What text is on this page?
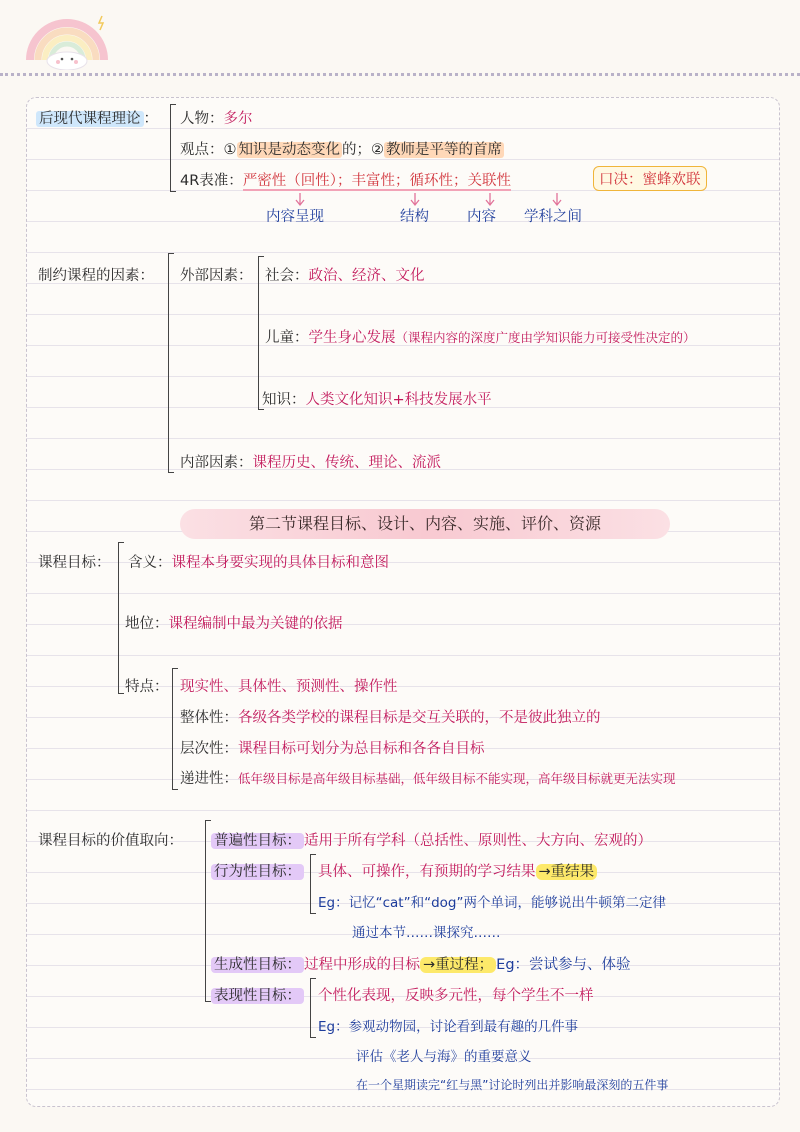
后现代课程理论 ： 人物：多尔
观点：① 知识是动态变化 的；② 教师是平等的首席
4R表准：严密性（回性）；丰富性；循环性；关联性	口决：蜜蜂欢联
内容呈现	结构	内容 学科之间
制约课程的因素： 外部因素： 社会：政治、经济、文化
儿童：学生身心发展（课程内容的深度广度由学知识能力可接受性决定的）
知识：人类文化知识+科技发展水平
内部因素：课程历史、传统、理论、流派
第二节课程目标、设计、内容、实施、评价、资源
课程目标： 含义：课程本身要实现的具体目标和意图
地位：课程编制中最为关键的依据
特点： 现实性、具体性、预测性、操作性
整体性：各级各类学校的课程目标是交互关联的，不是彼此独立的
层次性：课程目标可划分为总目标和各各自目标
递进性：低年级目标是高年级目标基础，低年级目标不能实现，高年级目标就更无法实现
课程目标的价值取向： 普遍性目标： 适用于所有学科（总括性、原则性、大方向、宏观的）
行为性目标： 具体、可操作，有预期的学习结果 →重结果
Eg：记忆“cat”和“dog”两个单词，能够说出牛顿第二定律
通过本节……课探究……
生成性目标： 过程中形成的目标 →重过程； Eg：尝试参与、体验
表现性目标： 个性化表现，反映多元性，每个学生不一样
Eg：参观动物园，讨论看到最有趣的几件事
评估《老人与海》的重要意义
在一个星期读完“红与黑”讨论时列出并影响最深刻的五件事
